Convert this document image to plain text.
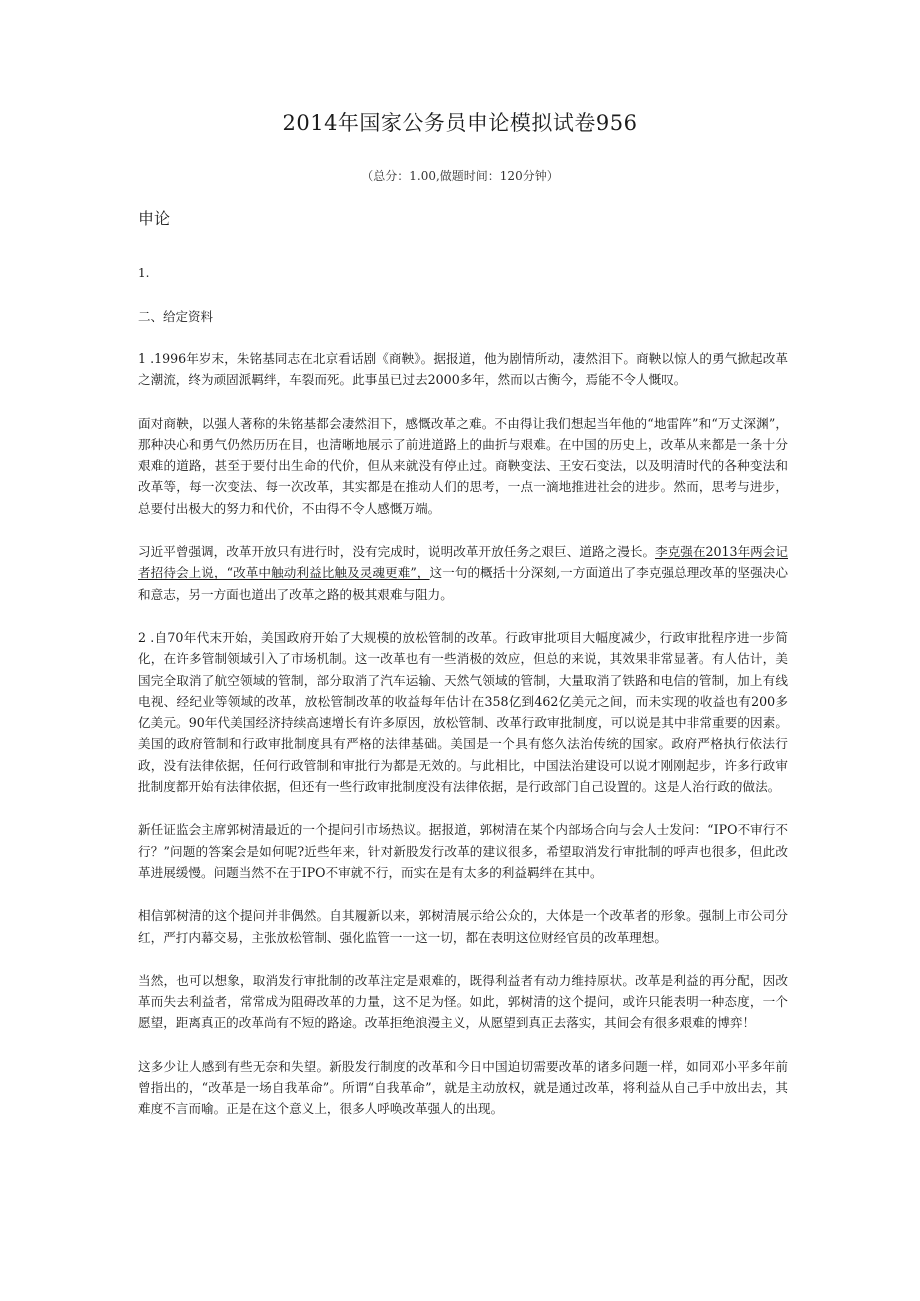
2014年国家公务员申论模拟试卷956
（总分：1.00,做题时间：120分钟）
申论
1.
二、给定资料

1 .1996年岁末，朱铭基同志在北京看话剧《商鞅》。据报道，他为剧情所动，凄然泪下。商鞅以惊人的勇气掀起改革之潮流，终为顽固派羁绊，车裂而死。此事虽已过去2000多年，然而以古衡今，焉能不令人慨叹。

面对商鞅，以强人著称的朱铭基都会凄然泪下，感慨改革之难。不由得让我们想起当年他的“地雷阵”和“万丈深渊”，那种决心和勇气仍然历历在目，也清晰地展示了前进道路上的曲折与艰难。在中国的历史上，改革从来都是一条十分艰难的道路，甚至于要付出生命的代价，但从来就没有停止过。商鞅变法、王安石变法，以及明清时代的各种变法和改革等，每一次变法、每一次改革，其实都是在推动人们的思考，一点一滴地推进社会的进步。然而，思考与进步，总要付出极大的努力和代价，不由得不令人感慨万端。

习近平曾强调，改革开放只有进行时，没有完成时，说明改革开放任务之艰巨、道路之漫长。李克强在2013年两会记者招待会上说，“改革中触动利益比触及灵魂更难”，这一句的概括十分深刻,一方面道出了李克强总理改革的坚强决心和意志，另一方面也道出了改革之路的极其艰难与阻力。

2 .自70年代末开始，美国政府开始了大规模的放松管制的改革。行政审批项目大幅度减少，行政审批程序进一步简化，在许多管制领域引入了市场机制。这一改革也有一些消极的效应，但总的来说，其效果非常显著。有人估计，美国完全取消了航空领域的管制，部分取消了汽车运输、天然气领域的管制，大量取消了铁路和电信的管制，加上有线电视、经纪业等领域的改革，放松管制改革的收益每年估计在358亿到462亿美元之间，而未实现的收益也有200多亿美元。90年代美国经济持续高速增长有许多原因，放松管制、改革行政审批制度，可以说是其中非常重要的因素。美国的政府管制和行政审批制度具有严格的法律基础。美国是一个具有悠久法治传统的国家。政府严格执行依法行政，没有法律依据，任何行政管制和审批行为都是无效的。与此相比，中国法治建设可以说才刚刚起步，许多行政审批制度都开始有法律依据，但还有一些行政审批制度没有法律依据，是行政部门自己设置的。这是人治行政的做法。

新任证监会主席郭树清最近的一个提问引市场热议。据报道，郭树清在某个内部场合向与会人士发问：“IPO不审行不行？”问题的答案会是如何呢?近些年来，针对新股发行改革的建议很多，希望取消发行审批制的呼声也很多，但此改革进展缓慢。问题当然不在于IPO不审就不行，而实在是有太多的利益羁绊在其中。

相信郭树清的这个提问并非偶然。自其履新以来，郭树清展示给公众的，大体是一个改革者的形象。强制上市公司分红，严打内幕交易，主张放松管制、强化监管一一这一切，都在表明这位财经官员的改革理想。

当然，也可以想象，取消发行审批制的改革注定是艰难的，既得利益者有动力维持原状。改革是利益的再分配，因改革而失去利益者，常常成为阻碍改革的力量，这不足为怪。如此，郭树清的这个提问，或许只能表明一种态度，一个愿望，距离真正的改革尚有不短的路途。改革拒绝浪漫主义，从愿望到真正去落实，其间会有很多艰难的博弈！

这多少让人感到有些无奈和失望。新股发行制度的改革和今日中国迫切需要改革的诸多问题一样，如同邓小平多年前曾指出的，“改革是一场自我革命”。所谓“自我革命”，就是主动放权，就是通过改革，将利益从自己手中放出去，其难度不言而喻。正是在这个意义上，很多人呼唤改革强人的出现。
